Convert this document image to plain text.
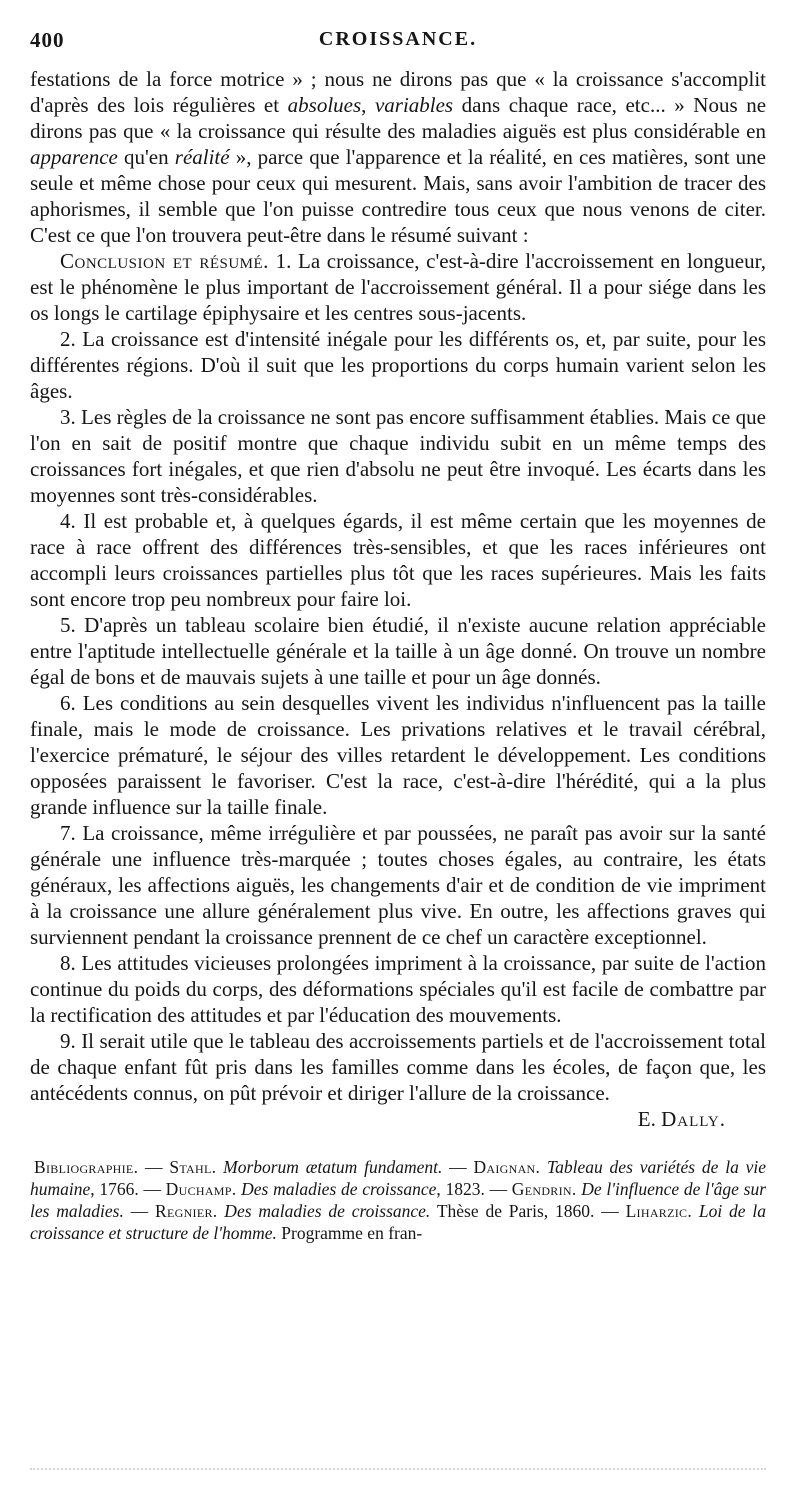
400	CROISSANCE.

festations de la force motrice » ; nous ne dirons pas que « la croissance s'accomplit d'après des lois régulières et absolues, variables dans chaque race, etc... » Nous ne dirons pas que « la croissance qui résulte des maladies aiguës est plus considérable en apparence qu'en réalité », parce que l'apparence et la réalité, en ces matières, sont une seule et même chose pour ceux qui mesurent. Mais, sans avoir l'ambition de tracer des aphorismes, il semble que l'on puisse contredire tous ceux que nous venons de citer. C'est ce que l'on trouvera peut-être dans le résumé suivant :

Conclusion et résumé. 1. La croissance, c'est-à-dire l'accroissement en longueur, est le phénomène le plus important de l'accroissement général. Il a pour siége dans les os longs le cartilage épiphysaire et les centres sous-jacents.

2. La croissance est d'intensité inégale pour les différents os, et, par suite, pour les différentes régions. D'où il suit que les proportions du corps humain varient selon les âges.

3. Les règles de la croissance ne sont pas encore suffisamment établies. Mais ce que l'on en sait de positif montre que chaque individu subit en un même temps des croissances fort inégales, et que rien d'absolu ne peut être invoqué. Les écarts dans les moyennes sont très-considérables.

4. Il est probable et, à quelques égards, il est même certain que les moyennes de race à race offrent des différences très-sensibles, et que les races inférieures ont accompli leurs croissances partielles plus tôt que les races supérieures. Mais les faits sont encore trop peu nombreux pour faire loi.

5. D'après un tableau scolaire bien étudié, il n'existe aucune relation appréciable entre l'aptitude intellectuelle générale et la taille à un âge donné. On trouve un nombre égal de bons et de mauvais sujets à une taille et pour un âge donnés.

6. Les conditions au sein desquelles vivent les individus n'influencent pas la taille finale, mais le mode de croissance. Les privations relatives et le travail cérébral, l'exercice prématuré, le séjour des villes retardent le développement. Les conditions opposées paraissent le favoriser. C'est la race, c'est-à-dire l'hérédité, qui a la plus grande influence sur la taille finale.

7. La croissance, même irrégulière et par poussées, ne paraît pas avoir sur la santé générale une influence très-marquée ; toutes choses égales, au contraire, les états généraux, les affections aiguës, les changements d'air et de condition de vie impriment à la croissance une allure généralement plus vive. En outre, les affections graves qui surviennent pendant la croissance prennent de ce chef un caractère exceptionnel.

8. Les attitudes vicieuses prolongées impriment à la croissance, par suite de l'action continue du poids du corps, des déformations spéciales qu'il est facile de combattre par la rectification des attitudes et par l'éducation des mouvements.

9. Il serait utile que le tableau des accroissements partiels et de l'accroissement total de chaque enfant fût pris dans les familles comme dans les écoles, de façon que, les antécédents connus, on pût prévoir et diriger l'allure de la croissance.

E. Dally.

Bibliographie. — Stahl. Morborum ætatum fundament. — Daignan. Tableau des variétés de la vie humaine, 1766. — Duchamp. Des maladies de croissance, 1823. — Gendrin. De l'influence de l'âge sur les maladies. — Regnier. Des maladies de croissance. Thèse de Paris, 1860. — Liharzic. Loi de la croissance et structure de l'homme. Programme en fran-
